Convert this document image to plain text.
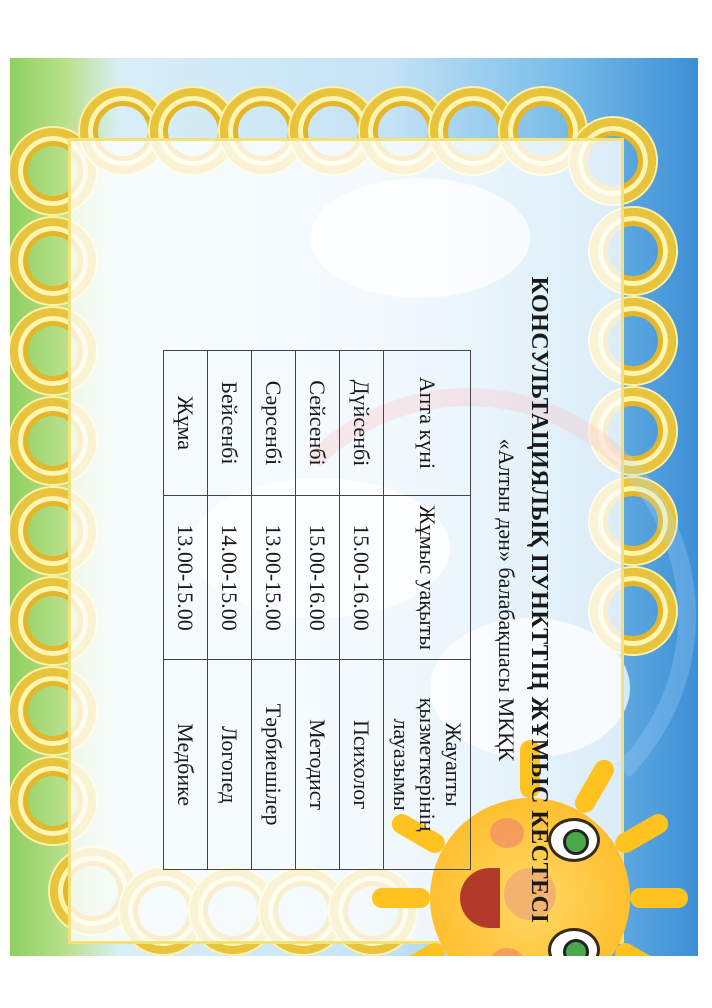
КОНСУЛЬТАЦИЯЛЫҚ ПУНКТТІҢ ЖҰМЫС КЕСТЕСІ
«Алтын дән» балабақшасы МКҚК
Апта күні	Жұмыс уақыты	Жауапты қызметкерінің лауазымы
Дүйсенбі	15.00-16.00	Психолог
Сейсенбі	15.00-16.00	Методист
Сәрсенбі	13.00-15.00	Тәрбиешілер
Бейсенбі	14.00-15.00	Логопед
Жұма	13.00-15.00	Медбике
